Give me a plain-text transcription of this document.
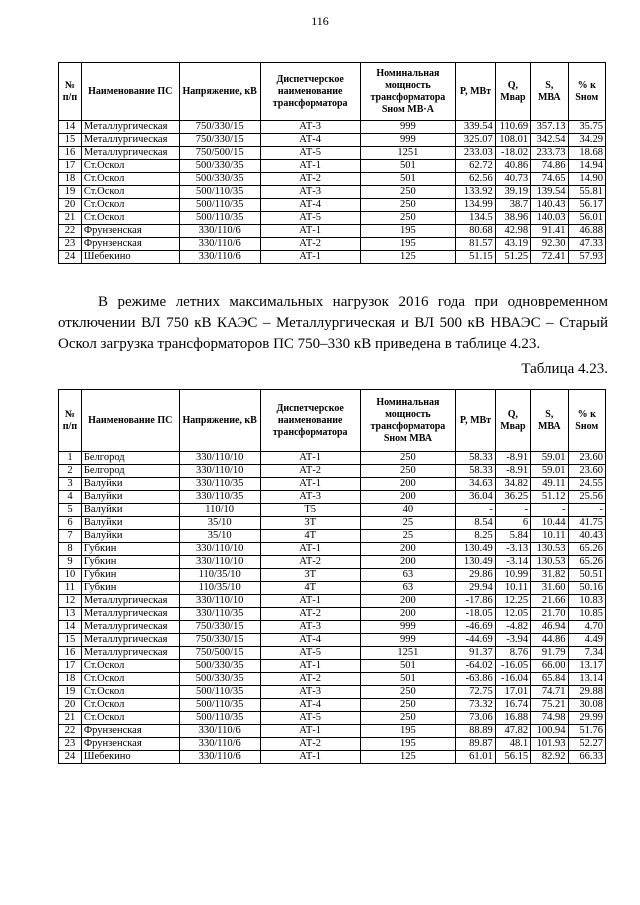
116
№ п/п	Наименование ПС	Напряжение, кВ	Диспетчерское наименование трансформатора	Номинальная мощность трансформатора Sном МВ·А	P, МВт	Q, Мвар	S, МВА	% к Sном
14	Металлургическая	750/330/15	АТ-3	999	339.54	110.69	357.13	35.75
15	Металлургическая	750/330/15	АТ-4	999	325.07	108.01	342.54	34.29
16	Металлургическая	750/500/15	АТ-5	1251	233.03	-18.02	233.73	18.68
17	Ст.Оскол	500/330/35	АТ-1	501	62.72	40.86	74.86	14.94
18	Ст.Оскол	500/330/35	АТ-2	501	62.56	40.73	74.65	14.90
19	Ст.Оскол	500/110/35	АТ-3	250	133.92	39.19	139.54	55.81
20	Ст.Оскол	500/110/35	АТ-4	250	134.99	38.7	140.43	56.17
21	Ст.Оскол	500/110/35	АТ-5	250	134.5	38.96	140.03	56.01
22	Фрунзенская	330/110/6	АТ-1	195	80.68	42.98	91.41	46.88
23	Фрунзенская	330/110/6	АТ-2	195	81.57	43.19	92.30	47.33
24	Шебекино	330/110/6	АТ-1	125	51.15	51.25	72.41	57.93

В режиме летних максимальных нагрузок 2016 года при одновременном отключении ВЛ 750 кВ КАЭС – Металлургическая и ВЛ 500 кВ НВАЭС – Старый Оскол загрузка трансформаторов ПС 750–330 кВ приведена в таблице 4.23.

Таблица 4.23.
№ п/п	Наименование ПС	Напряжение, кВ	Диспетчерское наименование трансформатора	Номинальная мощность трансформатора Sном МВА	P, МВт	Q, Мвар	S, МВА	% к Sном
1	Белгород	330/110/10	АТ-1	250	58.33	-8.91	59.01	23.60
2	Белгород	330/110/10	АТ-2	250	58.33	-8.91	59.01	23.60
3	Валуйки	330/110/35	АТ-1	200	34.63	34.82	49.11	24.55
4	Валуйки	330/110/35	АТ-3	200	36.04	36.25	51.12	25.56
5	Валуйки	110/10	Т5	40	-	-	-	-
6	Валуйки	35/10	3Т	25	8.54	6	10.44	41.75
7	Валуйки	35/10	4Т	25	8.25	5.84	10.11	40.43
8	Губкин	330/110/10	АТ-1	200	130.49	-3.13	130.53	65.26
9	Губкин	330/110/10	АТ-2	200	130.49	-3.14	130.53	65.26
10	Губкин	110/35/10	3Т	63	29.86	10.99	31.82	50.51
11	Губкин	110/35/10	4Т	63	29.94	10.11	31.60	50.16
12	Металлургическая	330/110/10	АТ-1	200	-17.86	12.25	21.66	10.83
13	Металлургическая	330/110/35	АТ-2	200	-18.05	12.05	21.70	10.85
14	Металлургическая	750/330/15	АТ-3	999	-46.69	-4.82	46.94	4.70
15	Металлургическая	750/330/15	АТ-4	999	-44.69	-3.94	44.86	4.49
16	Металлургическая	750/500/15	АТ-5	1251	91.37	8.76	91.79	7.34
17	Ст.Оскол	500/330/35	АТ-1	501	-64.02	-16.05	66.00	13.17
18	Ст.Оскол	500/330/35	АТ-2	501	-63.86	-16.04	65.84	13.14
19	Ст.Оскол	500/110/35	АТ-3	250	72.75	17.01	74.71	29.88
20	Ст.Оскол	500/110/35	АТ-4	250	73.32	16.74	75.21	30.08
21	Ст.Оскол	500/110/35	АТ-5	250	73.06	16.88	74.98	29.99
22	Фрунзенская	330/110/6	АТ-1	195	88.89	47.82	100.94	51.76
23	Фрунзенская	330/110/6	АТ-2	195	89.87	48.1	101.93	52.27
24	Шебекино	330/110/6	АТ-1	125	61.01	56.15	82.92	66.33
